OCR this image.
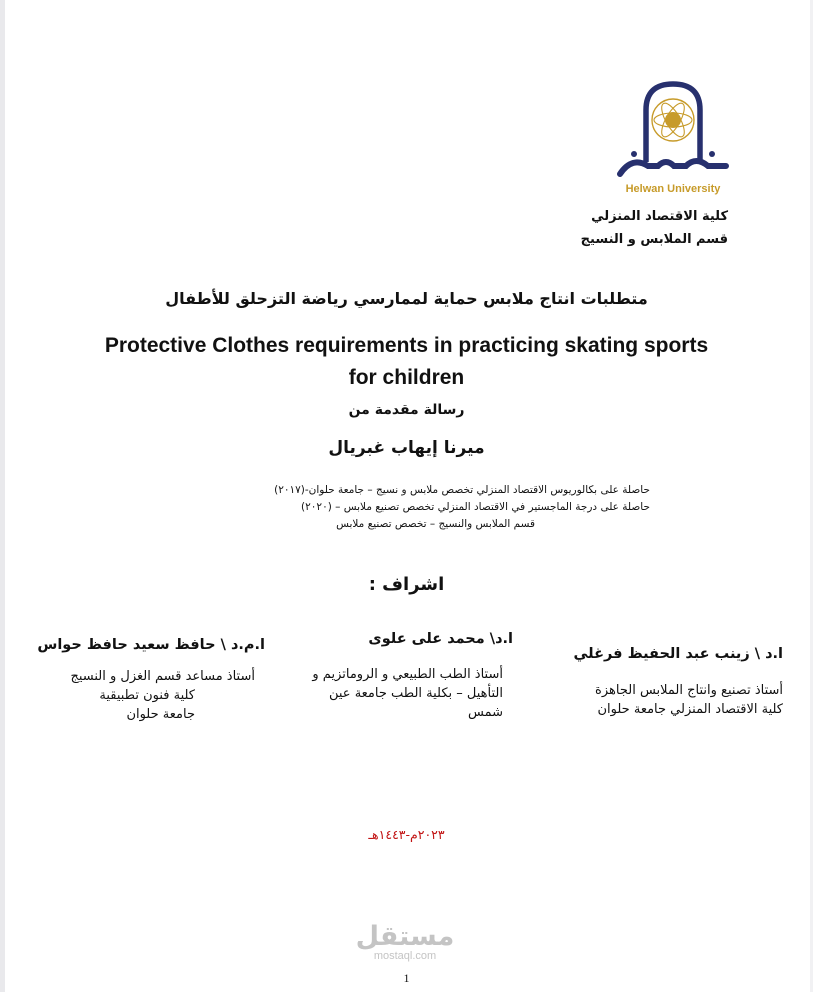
Helwan University
كلية الاقتصاد المنزلي
قسم الملابس و النسيج
متطلبات انتاج ملابس حماية لممارسي رياضة التزحلق للأطفال
Protective Clothes requirements in practicing skating sports
for children
رسالة مقدمة من
ميرنا إيهاب غبريال
حاصلة على بكالوريوس الاقتصاد المنزلي تخصص ملابس و نسيج – جامعة حلوان-(٢٠١٧)
حاصلة على درجة الماجستير في الاقتصاد المنزلي تخصص تصنيع ملابس – (٢٠٢٠)
قسم الملابس والنسيج – تخصص تصنيع ملابس
اشراف :
ا.د \ زينب عبد الحفيظ فرغلي
أستاذ تصنيع وانتاج الملابس الجاهزة
كلية الاقتصاد المنزلي جامعة حلوان
ا.د\ محمد على علوى
أستاذ الطب الطبيعي و الروماتزيم و
التأهيل – بكلية الطب جامعة عين
شمس
ا.م.د \ حافظ سعيد حافظ حواس
أستاذ مساعد قسم الغزل و النسيج
كلية فنون تطبيقية
جامعة حلوان
٢٠٢٣م-١٤٤٣هـ
مستقل
mostaql.com
1
